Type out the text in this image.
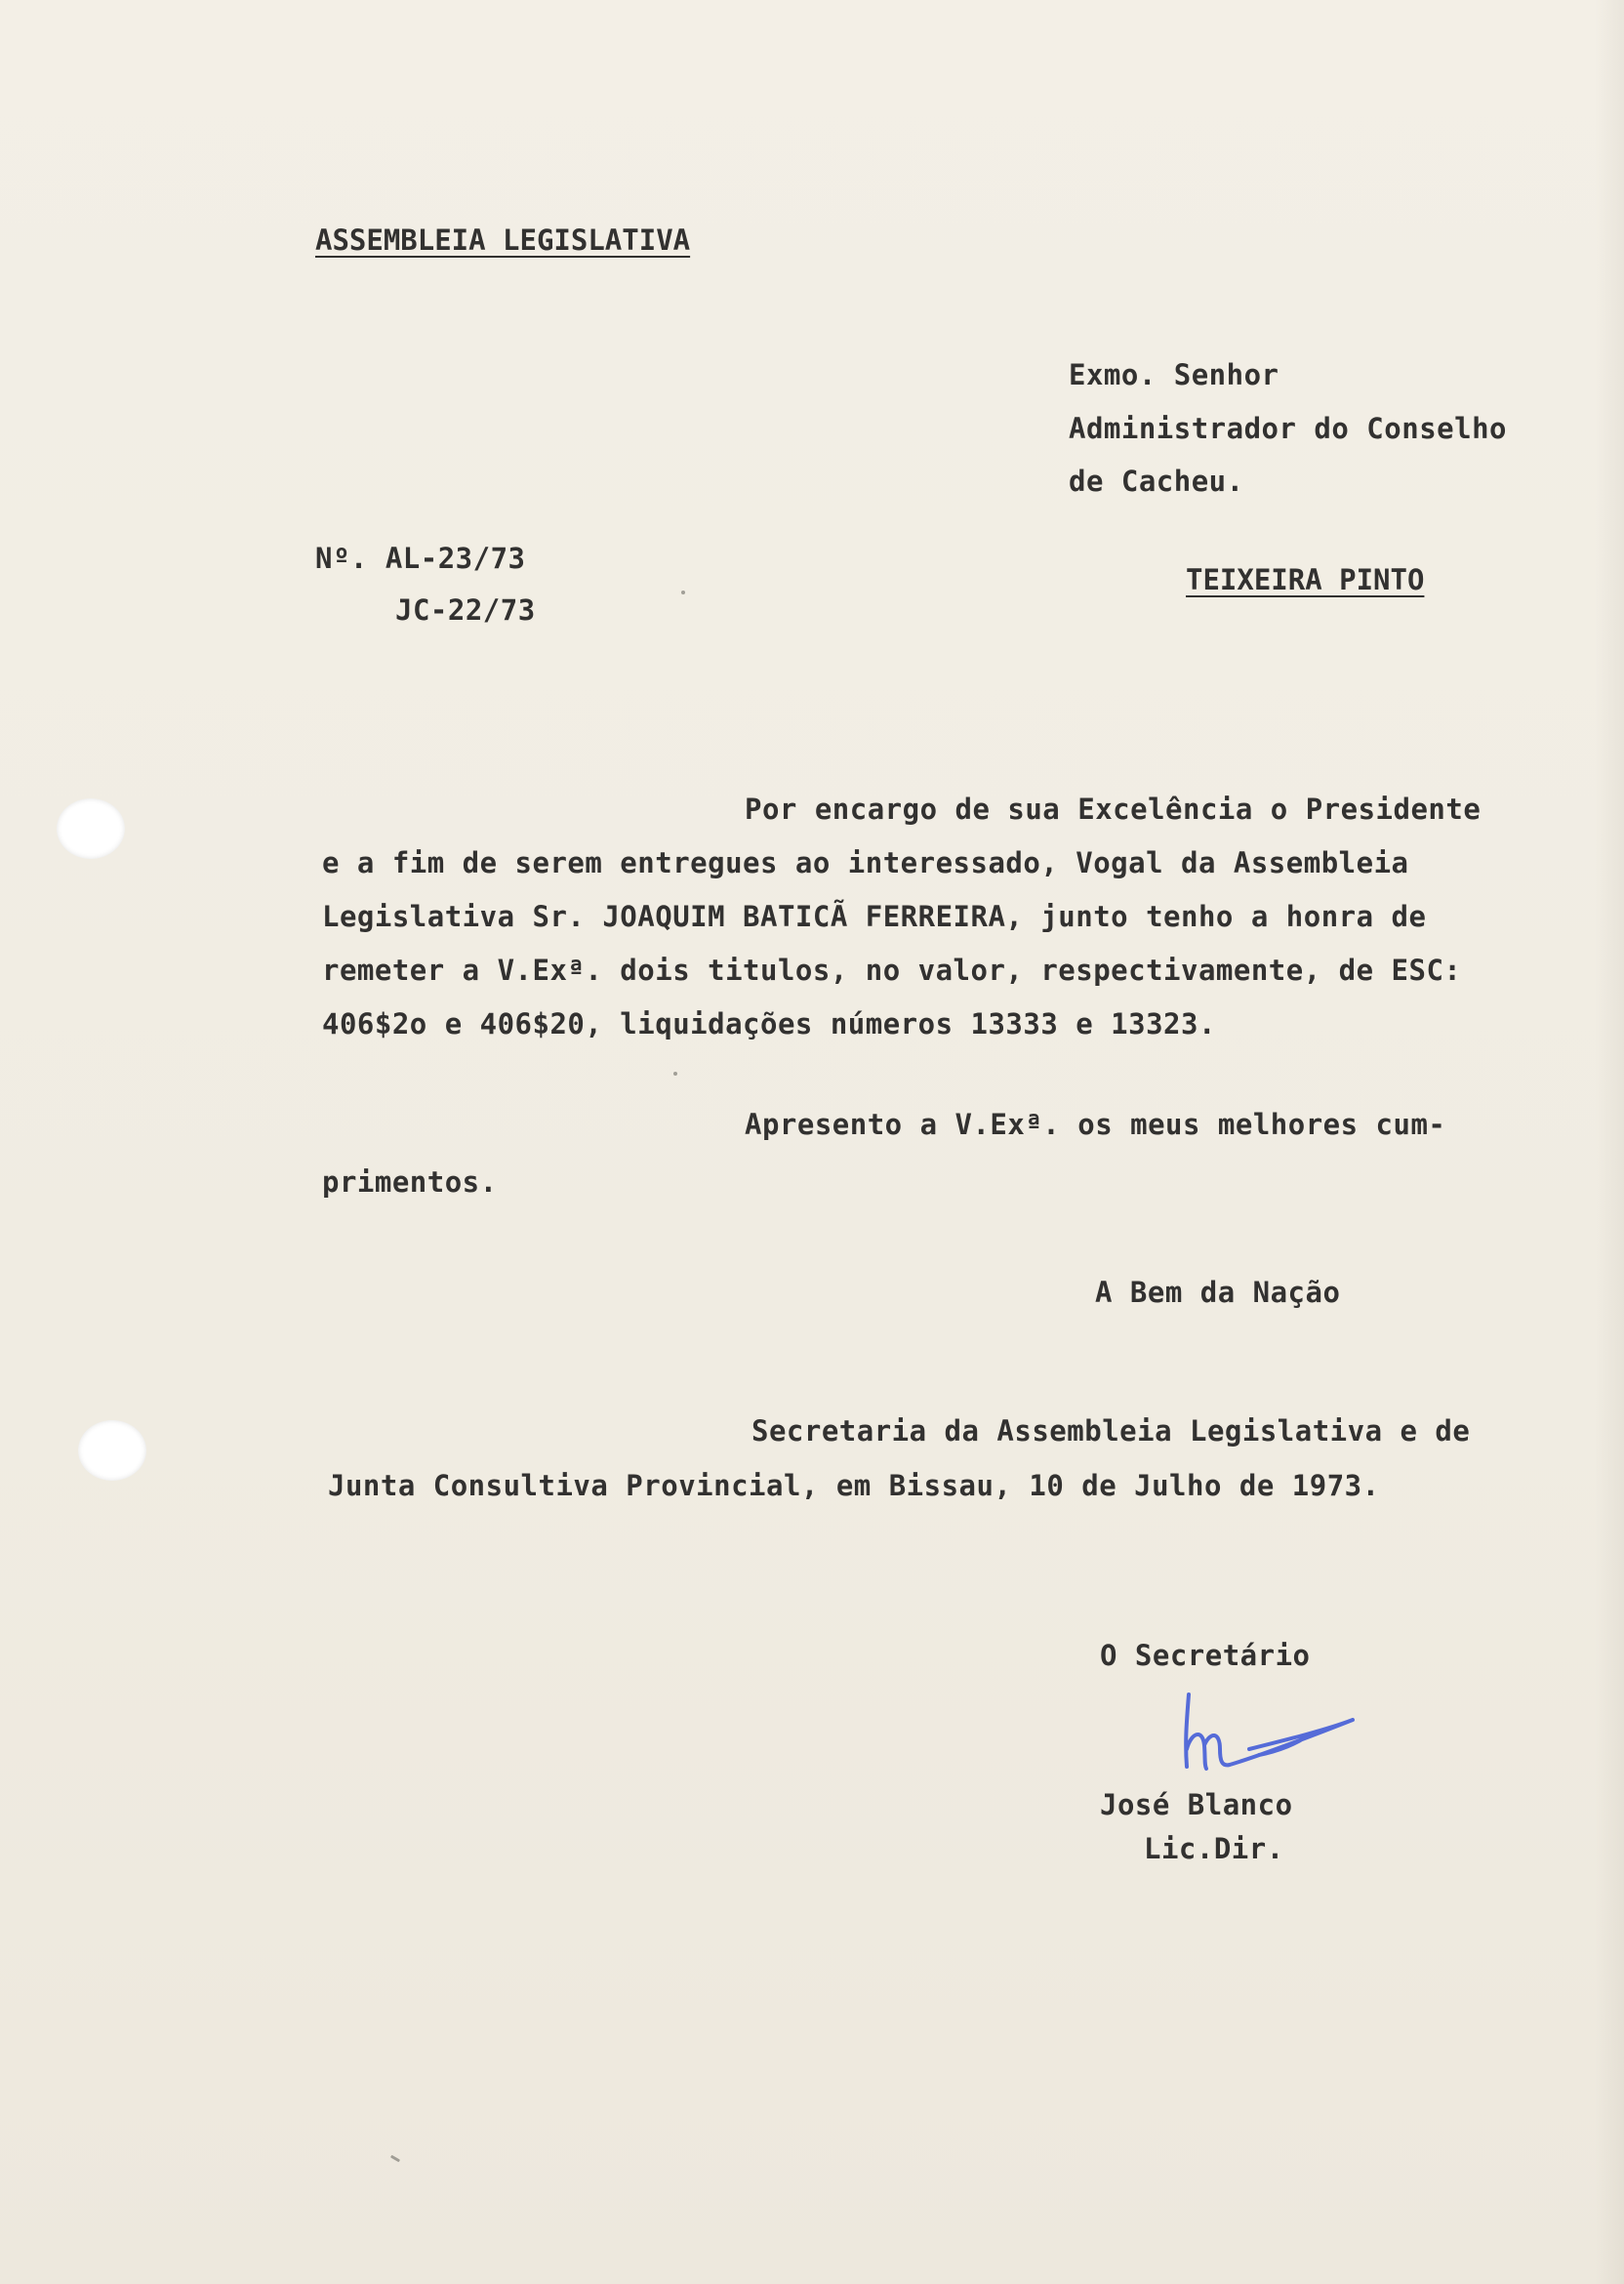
ASSEMBLEIA LEGISLATIVA
Exmo. Senhor
Administrador do Conselho
de Cacheu.
Nº. AL-23/73
JC-22/73
TEIXEIRA PINTO
Por encargo de sua Excelência o Presidente
e a fim de serem entregues ao interessado, Vogal da Assembleia
Legislativa Sr. JOAQUIM BATICÃ FERREIRA, junto tenho a honra de
remeter a V.Exª. dois titulos, no valor, respectivamente, de ESC:
406$2o e 406$20, liquidações números 13333 e 13323.
Apresento a V.Exª. os meus melhores cum-
primentos.
A Bem da Nação
Secretaria da Assembleia Legislativa e de
Junta Consultiva Provincial, em Bissau, 10 de Julho de 1973.
O Secretário
José Blanco
Lic.Dir.
